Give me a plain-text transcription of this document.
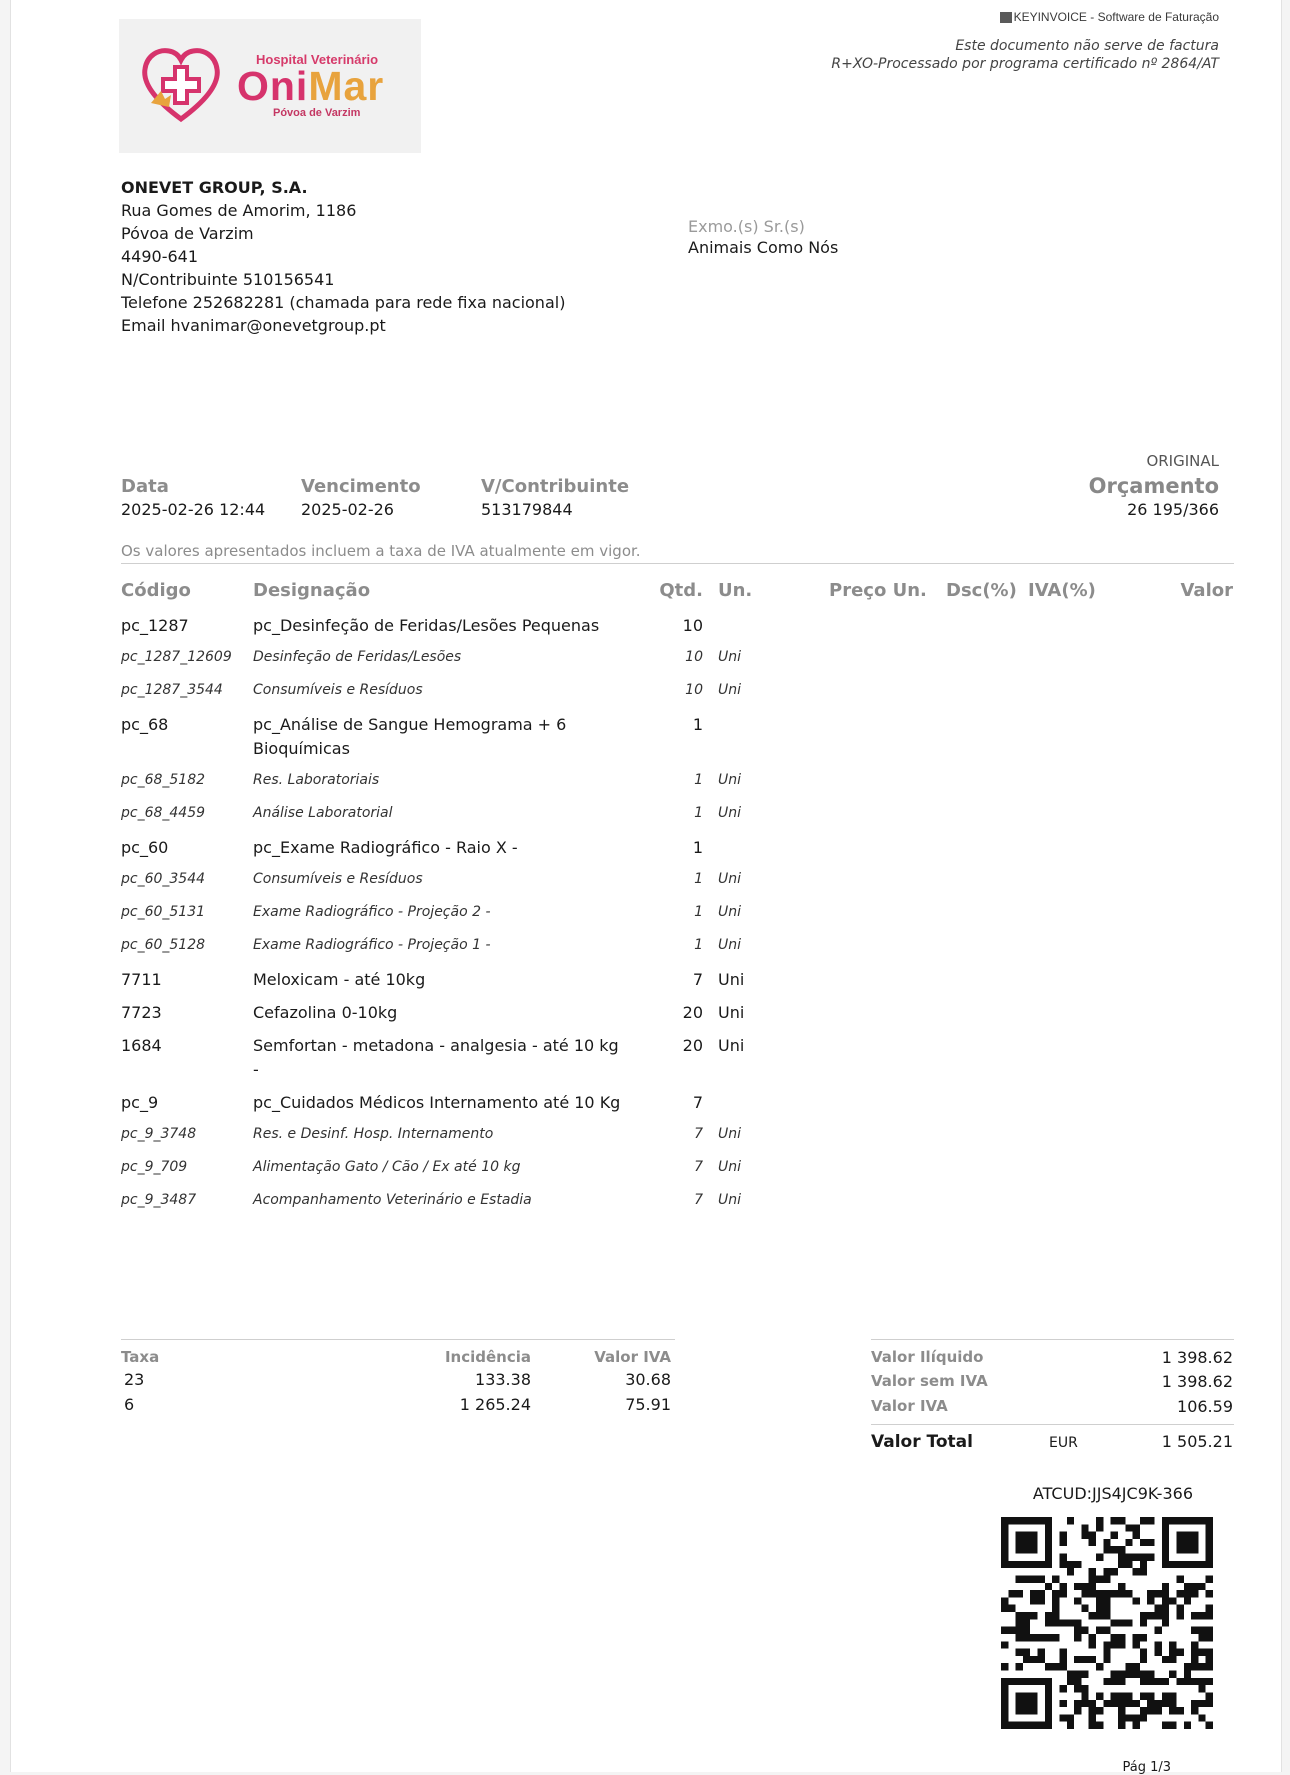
Hospital Veterinário
OniMar
Póvoa de Varzim
KEYINVOICE - Software de Faturação
Este documento não serve de factura
R+XO-Processado por programa certificado nº 2864/AT
ONEVET GROUP, S.A.
Rua Gomes de Amorim, 1186
Póvoa de Varzim
4490-641
N/Contribuinte 510156541
Telefone 252682281 (chamada para rede fixa nacional)
Email hvanimar@onevetgroup.pt
Exmo.(s) Sr.(s)
Animais Como Nós
Data
2025-02-26 12:44
Vencimento
2025-02-26
V/Contribuinte
513179844
ORIGINAL
Orçamento
26 195/366
Os valores apresentados incluem a taxa de IVA atualmente em vigor.
Código	Designação	Qtd. Un.	Preço Un. Dsc(%) IVA(%)	Valor
pc_1287	pc_Desinfeção de Feridas/Lesões Pequenas	10
pc_1287_12609 Desinfeção de Feridas/Lesões	10 Uni
pc_1287_3544 Consumíveis e Resíduos	10 Uni
pc_68	pc_Análise de Sangue Hemograma + 6	1
Bioquímicas
pc_68_5182	Res. Laboratoriais	1 Uni
pc_68_4459	Análise Laboratorial	1 Uni
pc_60	pc_Exame Radiográfico - Raio X -	1
pc_60_3544	Consumíveis e Resíduos	1 Uni
pc_60_5131	Exame Radiográfico - Projeção 2 -	1 Uni
pc_60_5128	Exame Radiográfico - Projeção 1 -	1 Uni
7711	Meloxicam - até 10kg	7 Uni
7723	Cefazolina 0-10kg	20 Uni
1684	Semfortan - metadona - analgesia - até 10 kg	20 Uni
-
pc_9	pc_Cuidados Médicos Internamento até 10 Kg	7
pc_9_3748	Res. e Desinf. Hosp. Internamento	7 Uni
pc_9_709	Alimentação Gato / Cão / Ex até 10 kg	7 Uni
pc_9_3487	Acompanhamento Veterinário e Estadia	7 Uni
Taxa	Incidência	Valor IVA
23	133.38	30.68
6	1 265.24	75.91
Valor Ilíquido	1 398.62
Valor sem IVA	1 398.62
Valor IVA	106.59
Valor Total	EUR	1 505.21
ATCUD:JJS4JC9K-366
Pág 1/3
